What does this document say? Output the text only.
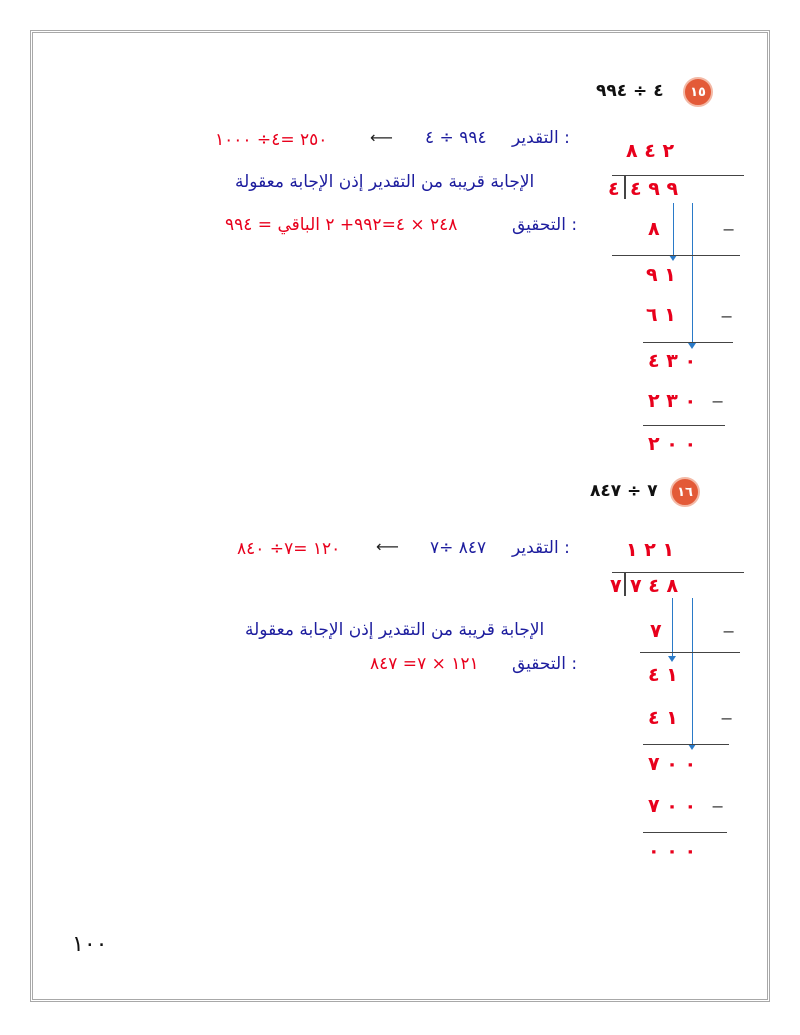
١٥
٤ ÷ ٩٩٤
٢ ٤ ٨
٤ ٩ ٩ ٤
٨	−
١ ٩
١ ٦	−
٠ ٣ ٤
٠ ٣ ٢ −
٠ ٠ ٢
التقدير :
٩٩٤ ÷ ٤
⟵
٢٥٠ =٤÷ ١٠٠٠
الإجابة قريبة من التقدير إذن الإجابة معقولة
التحقيق :
٢٤٨ × ٤=٩٩٢+ ٢ الباقي = ٩٩٤
١٦
٧ ÷ ٨٤٧
١ ٢ ١
٧ ٨ ٤ ٧
٧	−
١ ٤
١ ٤	−
٠ ٠ ٧
٠ ٠ ٧ −
٠ ٠ ٠
التقدير :
٨٤٧ ÷٧
⟵
١٢٠ =٧÷ ٨٤٠
الإجابة قريبة من التقدير إذن الإجابة معقولة
التحقيق :
١٢١ × ٧= ٨٤٧
١٠٠
